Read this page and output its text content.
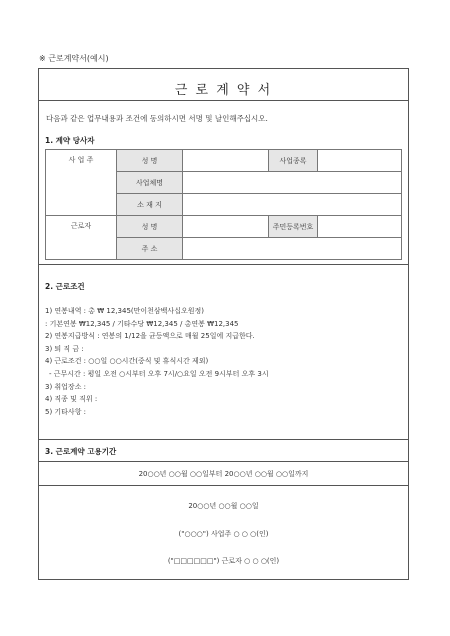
※ 근로계약서(예시)
근 로 계 약 서
다음과 같은 업무내용과 조건에 동의하시면 서명 및 날인해주십시오.
1. 계약 당사자
사 업 주	성 명		사업종록	
	사업체명			
	소 재 지			
근로자	성 명		주민등록번호	
	주 소			
2. 근로조건
1) 연봉내역 : 총 ₩ 12,345(만이천삼백사십오원정)
: 기본연봉 ₩12,345 / 기타수당 ₩12,345 / 총연봉 ₩12,345
2) 연봉지급방식 : 연봉의 1/12을 균등액으로 매월 25일에 지급한다.
3) 퇴 직 금 :
4) 근로조건 : ○○일 ○○시간(중식 및 휴식시간 제외)
- 근무시간 : 평일 오전 ○시부터 오후 7시/○요일 오전 9시부터 오후 3시
3) 취업장소 :
4) 직종 및 직위 :
5) 기타사항 :
3. 근로계약 고용기간
20○○년 ○○월 ○○일부터 20○○년 ○○월 ○○일까지
20○○년 ○○월 ○○일
("○○○") 사업주 ○ ○ ○(인)
("□□□□□□") 근로자 ○ ○ ○(인)
